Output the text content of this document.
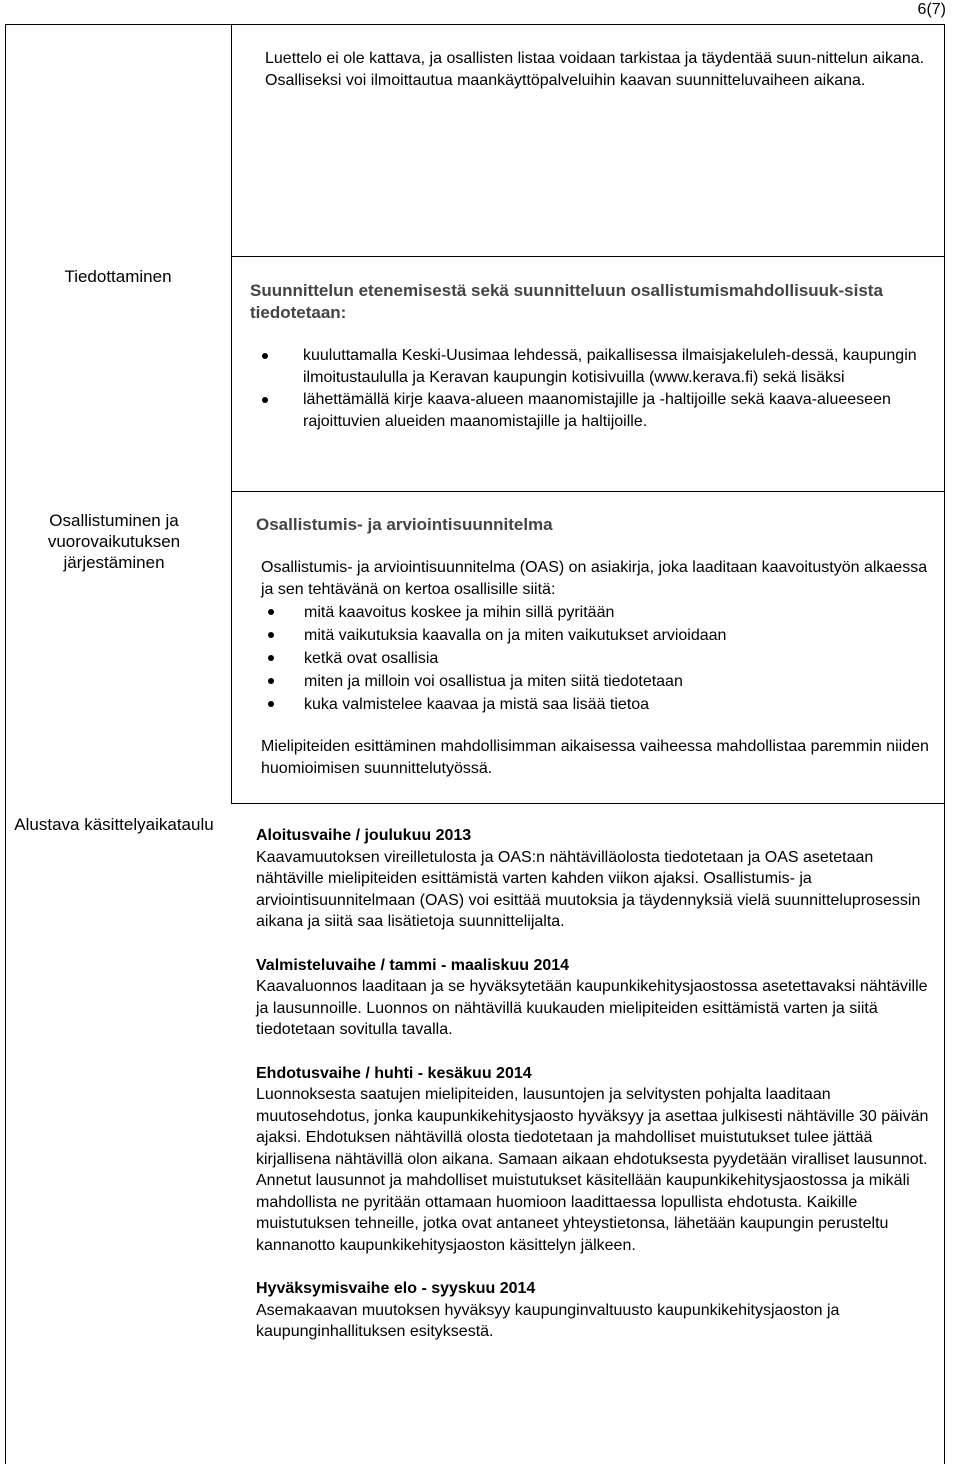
6(7)

Luettelo ei ole kattava, ja osallisten listaa voidaan tarkistaa ja täydentää suun-nittelun aikana. Osalliseksi voi ilmoittautua maankäyttöpalveluihin kaavan suunnitteluvaiheen aikana.

Tiedottaminen

Suunnittelun etenemisestä sekä suunnitteluun osallistumismahdollisuuk-sista tiedotetaan:

kuuluttamalla Keski-Uusimaa lehdessä, paikallisessa ilmaisjakeluleh-dessä, kaupungin ilmoitustaululla ja Keravan kaupungin kotisivuilla (www.kerava.fi) sekä lisäksi
lähettämällä kirje kaava-alueen maanomistajille ja -haltijoille sekä kaava-alueeseen rajoittuvien alueiden maanomistajille ja haltijoille.
Osallistuminen ja vuorovaikutuksen järjestäminen

Osallistumis- ja arviointisuunnitelma

Osallistumis- ja arviointisuunnitelma (OAS) on asiakirja, joka laaditaan kaavoitustyön alkaessa ja sen tehtävänä on kertoa osallisille siitä:

mitä kaavoitus koskee ja mihin sillä pyritään
mitä vaikutuksia kaavalla on ja miten vaikutukset arvioidaan
ketkä ovat osallisia
miten ja milloin voi osallistua ja miten siitä tiedotetaan
kuka valmistelee kaavaa ja mistä saa lisää tietoa

Mielipiteiden esittäminen mahdollisimman aikaisessa vaiheessa mahdollistaa paremmin niiden huomioimisen suunnittelutyössä.

Alustava käsittelyaikataulu

Aloitusvaihe / joulukuu 2013

Kaavamuutoksen vireilletulosta ja OAS:n nähtävilläolosta tiedotetaan ja OAS asetetaan nähtäville mielipiteiden esittämistä varten kahden viikon ajaksi. Osallistumis- ja arviointisuunnitelmaan (OAS) voi esittää muutoksia ja täydennyksiä vielä suunnitteluprosessin aikana ja siitä saa lisätietoja suunnittelijalta.

Valmisteluvaihe / tammi - maaliskuu 2014

Kaavaluonnos laaditaan ja se hyväksytetään kaupunkikehitysjaostossa asetettavaksi nähtäville ja lausunnoille. Luonnos on nähtävillä kuukauden mielipiteiden esittämistä varten ja siitä tiedotetaan sovitulla tavalla.

Ehdotusvaihe / huhti - kesäkuu 2014

Luonnoksesta saatujen mielipiteiden, lausuntojen ja selvitysten pohjalta laaditaan muutosehdotus, jonka kaupunkikehitysjaosto hyväksyy ja asettaa julkisesti nähtäville 30 päivän ajaksi. Ehdotuksen nähtävillä olosta tiedotetaan ja mahdolliset muistutukset tulee jättää kirjallisena nähtävillä olon aikana. Samaan aikaan ehdotuksesta pyydetään viralliset lausunnot. Annetut lausunnot ja mahdolliset muistutukset käsitellään kaupunkikehitysjaostossa ja mikäli mahdollista ne pyritään ottamaan huomioon laadittaessa lopullista ehdotusta. Kaikille muistutuksen tehneille, jotka ovat antaneet yhteystietonsa, lähetään kaupungin perusteltu kannanotto kaupunkikehitysjaoston käsittelyn jälkeen.

Hyväksymisvaihe elo - syyskuu 2014

Asemakaavan muutoksen hyväksyy kaupunginvaltuusto kaupunkikehitysjaoston ja kaupunginhallituksen esityksestä.
